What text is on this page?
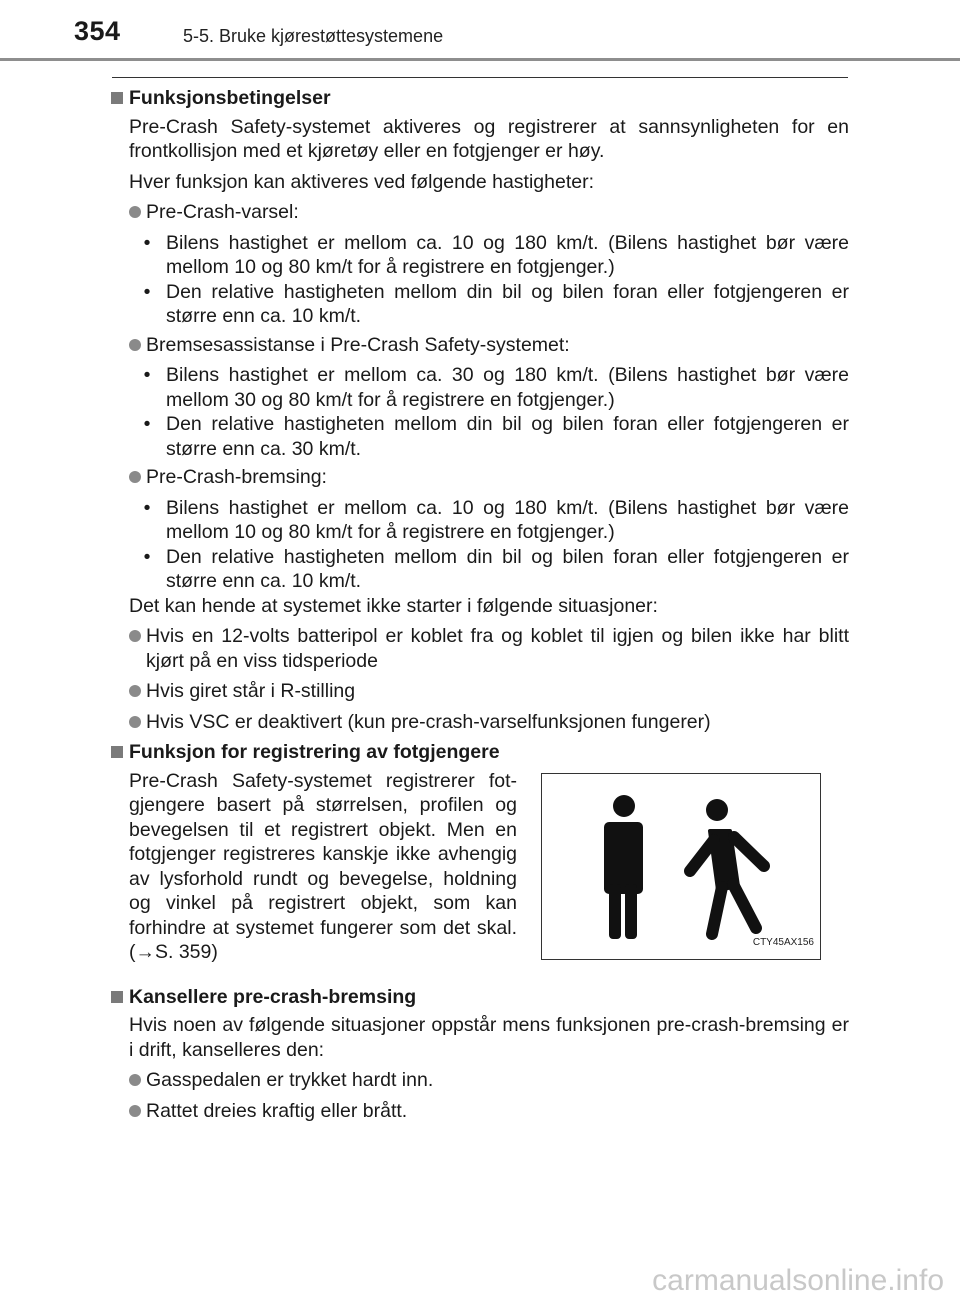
354	5-5. Bruke kjørestøttesystemene
Funksjonsbetingelser
Pre-Crash Safety-systemet aktiveres og registrerer at sannsynligheten for en frontkollisjon med et kjøretøy eller en fotgjenger er høy.
Hver funksjon kan aktiveres ved følgende hastigheter:
Pre-Crash-varsel:
• Bilens hastighet er mellom ca. 10 og 180 km/t. (Bilens hastighet bør være mellom 10 og 80 km/t for å registrere en fotgjenger.)
• Den relative hastigheten mellom din bil og bilen foran eller fotgjengeren er større enn ca. 10 km/t.
Bremsesassistanse i Pre-Crash Safety-systemet:
• Bilens hastighet er mellom ca. 30 og 180 km/t. (Bilens hastighet bør være mellom 30 og 80 km/t for å registrere en fotgjenger.)
• Den relative hastigheten mellom din bil og bilen foran eller fotgjengeren er større enn ca. 30 km/t.
Pre-Crash-bremsing:
• Bilens hastighet er mellom ca. 10 og 180 km/t. (Bilens hastighet bør være mellom 10 og 80 km/t for å registrere en fotgjenger.)
• Den relative hastigheten mellom din bil og bilen foran eller fotgjengeren er større enn ca. 10 km/t.
Det kan hende at systemet ikke starter i følgende situasjoner:
Hvis en 12-volts batteripol er koblet fra og koblet til igjen og bilen ikke har blitt kjørt på en viss tidsperiode
Hvis giret står i R-stilling
Hvis VSC er deaktivert (kun pre-crash-varselfunksjonen fungerer)
Funksjon for registrering av fotgjengere
Pre-Crash Safety-systemet registrerer fotgjengere basert på størrelsen, profilen og bevegelsen til et registrert objekt. Men en fotgjenger registreres kanskje ikke avhengig av lysforhold rundt og bevegelse, holdning og vinkel på registrert objekt, som kan forhindre at systemet fungerer som det skal. (→S. 359)	CTY45AX156
Kansellere pre-crash-bremsing
Hvis noen av følgende situasjoner oppstår mens funksjonen pre-crash-bremsing er i drift, kanselleres den:
Gasspedalen er trykket hardt inn.
Rattet dreies kraftig eller brått.
carmanualsonline.info
